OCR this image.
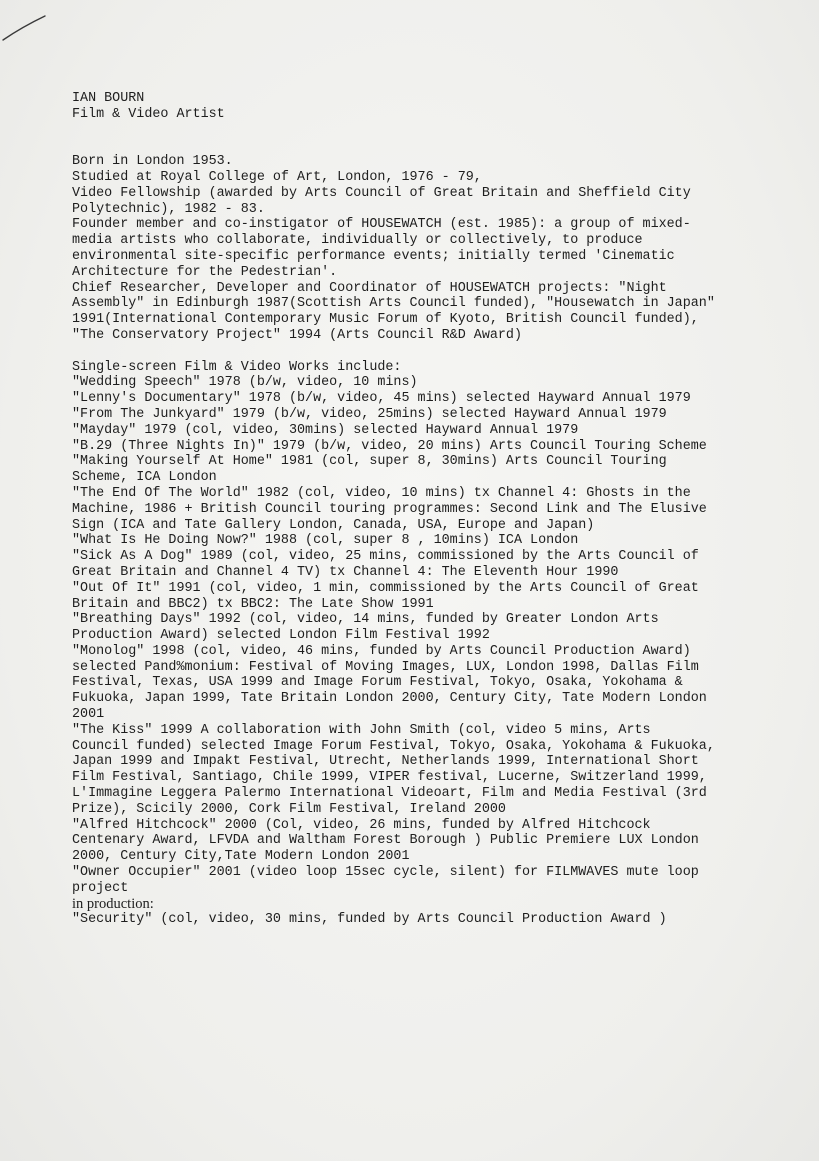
IAN BOURN

Film & Video Artist

Born in London 1953.

Studied at Royal College of Art, London, 1976 - 79,
Video Fellowship (awarded by Arts Council of Great Britain and Sheffield City
Polytechnic), 1982 - 83.

Founder member and co-instigator of HOUSEWATCH (est. 1985): a group of mixed-
media artists who collaborate, individually or collectively, to produce
environmental site-specific performance events; initially termed 'Cinematic
Architecture for the Pedestrian'.

Chief Researcher, Developer and Coordinator of HOUSEWATCH projects: "Night
Assembly" in Edinburgh 1987(Scottish Arts Council funded), "Housewatch in Japan"
1991(International Contemporary Music Forum of Kyoto, British Council funded),
"The Conservatory Project" 1994 (Arts Council R&D Award)

Single-screen Film & Video Works include:

"Wedding Speech" 1978 (b/w, video, 10 mins)

"Lenny's Documentary" 1978 (b/w, video, 45 mins) selected Hayward Annual 1979

"From The Junkyard" 1979 (b/w, video, 25mins) selected Hayward Annual 1979

"Mayday" 1979 (col, video, 30mins) selected Hayward Annual 1979

"B.29 (Three Nights In)" 1979 (b/w, video, 20 mins) Arts Council Touring Scheme

"Making Yourself At Home" 1981 (col, super 8, 30mins) Arts Council Touring
Scheme, ICA London

"The End Of The World" 1982 (col, video, 10 mins) tx Channel 4: Ghosts in the
Machine, 1986 + British Council touring programmes: Second Link and The Elusive
Sign (ICA and Tate Gallery London, Canada, USA, Europe and Japan)

"What Is He Doing Now?" 1988 (col, super 8 , 10mins) ICA London

"Sick As A Dog" 1989 (col, video, 25 mins, commissioned by the Arts Council of
Great Britain and Channel 4 TV) tx Channel 4: The Eleventh Hour 1990

"Out Of It" 1991 (col, video, 1 min, commissioned by the Arts Council of Great
Britain and BBC2) tx BBC2: The Late Show 1991

"Breathing Days" 1992 (col, video, 14 mins, funded by Greater London Arts
Production Award) selected London Film Festival 1992

"Monolog" 1998 (col, video, 46 mins, funded by Arts Council Production Award)
selected Pand%monium: Festival of Moving Images, LUX, London 1998, Dallas Film
Festival, Texas, USA 1999 and Image Forum Festival, Tokyo, Osaka, Yokohama &
Fukuoka, Japan 1999, Tate Britain London 2000, Century City, Tate Modern London
2001

"The Kiss" 1999 A collaboration with John Smith (col, video 5 mins, Arts
Council funded) selected Image Forum Festival, Tokyo, Osaka, Yokohama & Fukuoka,
Japan 1999 and Impakt Festival, Utrecht, Netherlands 1999, International Short
Film Festival, Santiago, Chile 1999, VIPER festival, Lucerne, Switzerland 1999,
L'Immagine Leggera Palermo International Videoart, Film and Media Festival (3rd
Prize), Scicily 2000, Cork Film Festival, Ireland 2000

"Alfred Hitchcock" 2000 (Col, video, 26 mins, funded by Alfred Hitchcock
Centenary Award, LFVDA and Waltham Forest Borough ) Public Premiere LUX London
2000, Century City,Tate Modern London 2001

"Owner Occupier" 2001 (video loop 15sec cycle, silent) for FILMWAVES mute loop
project

in production:

"Security" (col, video, 30 mins, funded by Arts Council Production Award )
